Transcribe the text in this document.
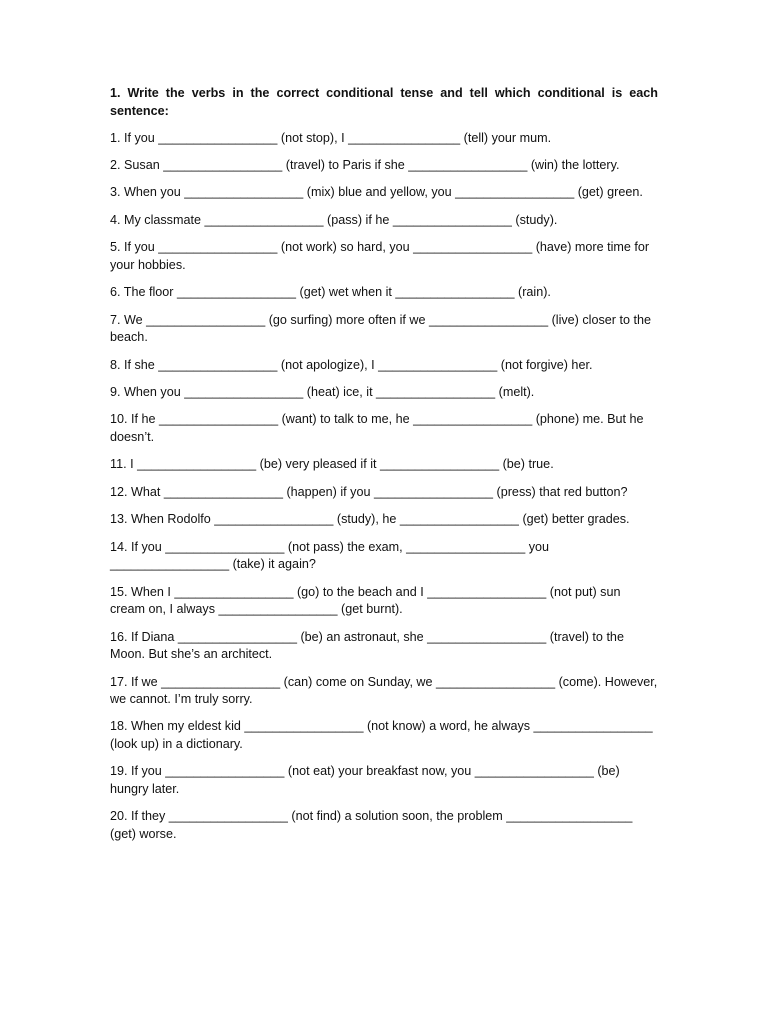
1. Write the verbs in the correct conditional tense and tell which conditional is each sentence:

1. If you _________________ (not stop), I ________________ (tell) your mum.

2. Susan _________________ (travel) to Paris if she _________________ (win) the lottery.

3. When you _________________ (mix) blue and yellow, you _________________ (get) green.

4. My classmate _________________ (pass) if he _________________ (study).

5. If you _________________ (not work) so hard, you _________________ (have) more time for your hobbies.

6. The floor _________________ (get) wet when it _________________ (rain).

7. We _________________ (go surfing) more often if we _________________ (live) closer to the beach.

8. If she _________________ (not apologize), I _________________ (not forgive) her.

9. When you _________________ (heat) ice, it _________________ (melt).

10. If he _________________ (want) to talk to me, he _________________ (phone) me. But he doesn’t.

11. I _________________ (be) very pleased if it _________________ (be) true.

12. What _________________ (happen) if you _________________ (press) that red button?

13. When Rodolfo _________________ (study), he _________________ (get) better grades.

14. If you _________________ (not pass) the exam, _________________ you _________________ (take) it again?

15. When I _________________ (go) to the beach and I _________________ (not put) sun cream on, I always _________________ (get burnt).

16. If Diana _________________ (be) an astronaut, she _________________ (travel) to the Moon. But she’s an architect.

17. If we _________________ (can) come on Sunday, we _________________ (come). However, we cannot. I’m truly sorry.

18. When my eldest kid _________________ (not know) a word, he always _________________ (look up) in a dictionary.

19. If you _________________ (not eat) your breakfast now, you _________________ (be) hungry later.

20. If they _________________ (not find) a solution soon, the problem __________________ (get) worse.
